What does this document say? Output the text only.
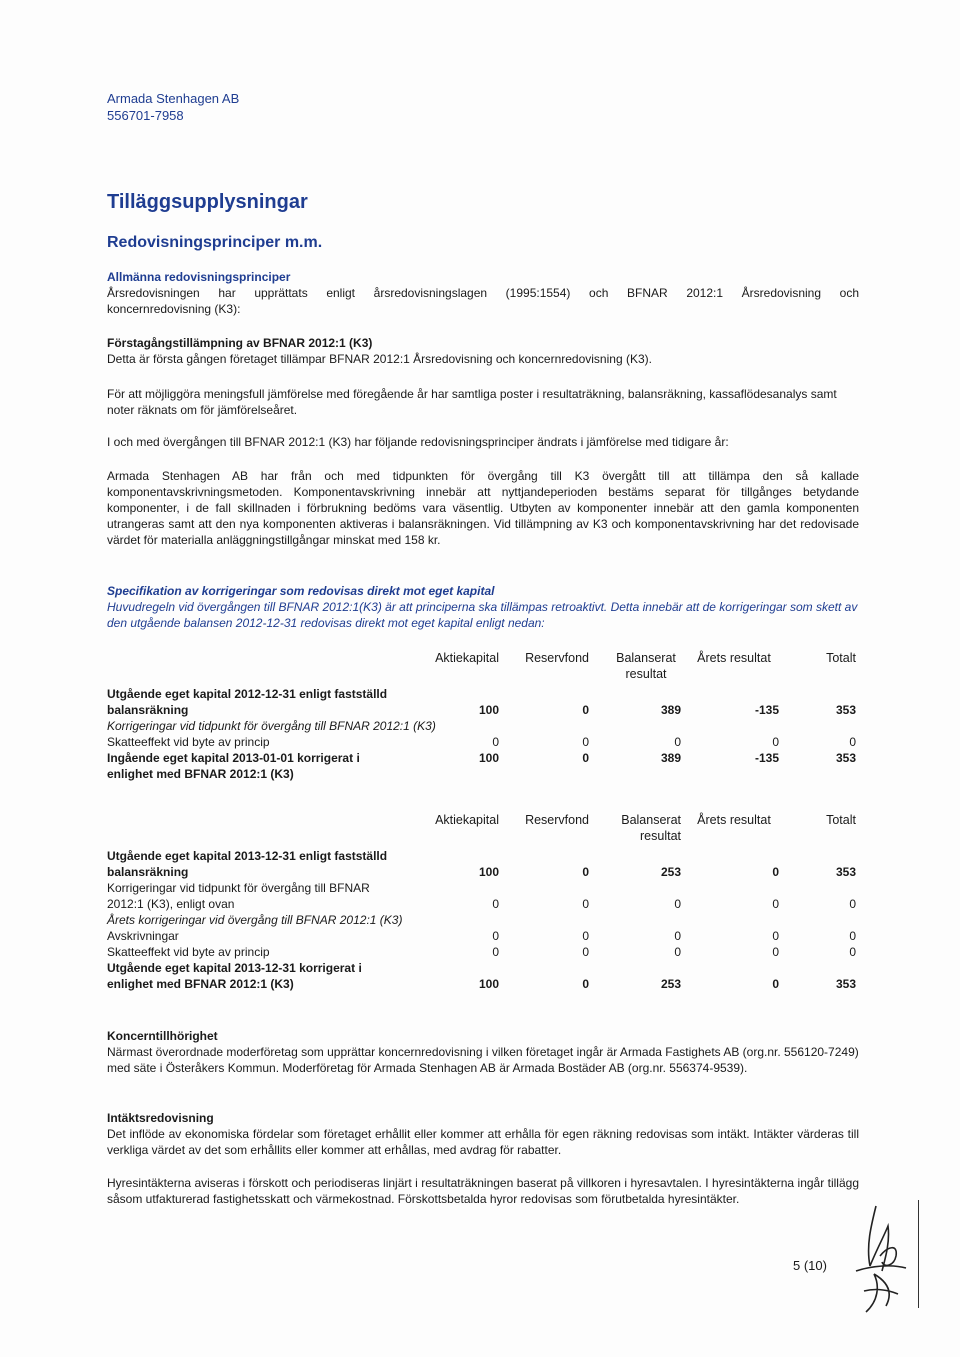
Armada Stenhagen AB
556701-7958
Tilläggsupplysningar
Redovisningsprinciper m.m.
Allmänna redovisningsprinciper
Årsredovisningen har upprättats enligt årsredovisningslagen (1995:1554) och BFNAR 2012:1 Årsredovisning och
koncernredovisning (K3):
Förstagångstillämpning av BFNAR 2012:1 (K3)
Detta är första gången företaget tillämpar BFNAR 2012:1 Årsredovisning och koncernredovisning (K3).
För att möjliggöra meningsfull jämförelse med föregående år har samtliga poster i resultaträkning, balansräkning, kassaflödesanalys samt noter räknats om för jämförelseåret.
I och med övergången till BFNAR 2012:1 (K3) har följande redovisningsprinciper ändrats i jämförelse med tidigare år:
Armada Stenhagen AB har från och med tidpunkten för övergång till K3 övergått till att tillämpa den så kallade komponentavskrivningsmetoden. Komponentavskrivning innebär att nyttjandeperioden bestäms separat för tillgånges betydande komponenter, i de fall skillnaden i förbrukning bedöms vara väsentlig. Utbyten av komponenter innebär att den gamla komponenten utrangeras samt att den nya komponenten aktiveras i balansräkningen. Vid tillämpning av K3 och komponentavskrivning har det redovisade värdet för materialla anläggningstillgångar minskat med 158 kr.
Specifikation av korrigeringar som redovisas direkt mot eget kapital
Huvudregeln vid övergången till BFNAR 2012:1(K3) är att principerna ska tillämpas retroaktivt. Detta innebär att de korrigeringar som skett av den utgående balansen 2012-12-31 redovisas direkt mot eget kapital enligt nedan:
	Aktiekapital	Reservfond	Balanserat resultat	Årets resultat	Totalt

Utgående eget kapital 2012-12-31 enligt fastställd balansräkning	100	0	389	-135	353
Korrigeringar vid tidpunkt för övergång till BFNAR 2012:1 (K3)					
Skatteeffekt vid byte av princip	0	0	0	0	0
Ingående eget kapital 2013-01-01 korrigerat i enlighet med BFNAR 2012:1 (K3)	100	0	389	-135	353
	Aktiekapital	Reservfond	Balanserat resultat	Årets resultat	Totalt

Utgående eget kapital 2013-12-31 enligt fastställd balansräkning	100	0	253	0	353
Korrigeringar vid tidpunkt för övergång till BFNAR 2012:1 (K3), enligt ovan	0	0	0	0	0
Årets korrigeringar vid övergång till BFNAR 2012:1 (K3)					
Avskrivningar	0	0	0	0	0
Skatteeffekt vid byte av princip	0	0	0	0	0
Utgående eget kapital 2013-12-31 korrigerat i enlighet med BFNAR 2012:1 (K3)	100	0	253	0	353
Koncerntillhörighet
Närmast överordnade moderföretag som upprättar koncernredovisning i vilken företaget ingår är Armada Fastighets AB (org.nr. 556120-7249) med säte i Österåkers Kommun. Moderföretag för Armada Stenhagen AB är Armada Bostäder AB (org.nr. 556374-9539).
Intäktsredovisning
Det inflöde av ekonomiska fördelar som företaget erhållit eller kommer att erhålla för egen räkning redovisas som intäkt. Intäkter värderas till verkliga värdet av det som erhållits eller kommer att erhållas, med avdrag för rabatter.
Hyresintäkterna aviseras i förskott och periodiseras linjärt i resultaträkningen baserat på villkoren i hyresavtalen. I hyresintäkterna ingår tillägg såsom utfakturerad fastighetsskatt och värmekostnad. Förskottsbetalda hyror redovisas som förutbetalda hyresintäkter.
5 (10)
